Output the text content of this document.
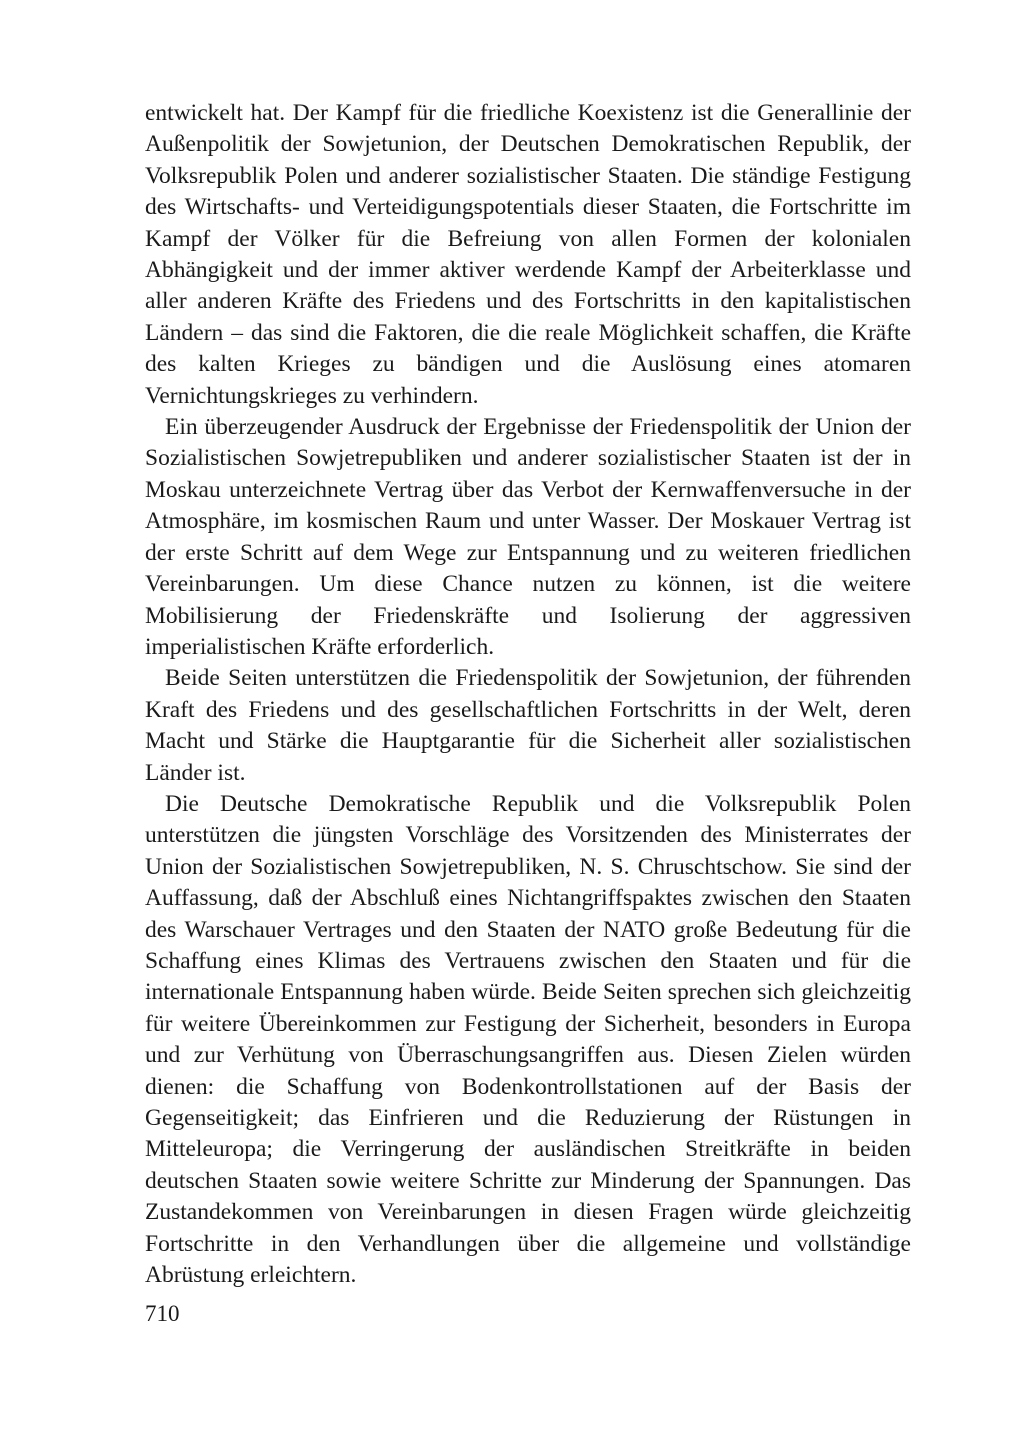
entwickelt hat. Der Kampf für die friedliche Koexistenz ist die Generallinie der Außenpolitik der Sowjetunion, der Deutschen Demokratischen Republik, der Volksrepublik Polen und anderer sozialistischer Staaten. Die ständige Festigung des Wirtschafts- und Verteidigungspotentials dieser Staaten, die Fortschritte im Kampf der Völker für die Befreiung von allen Formen der kolonialen Abhängigkeit und der immer aktiver werdende Kampf der Arbeiterklasse und aller anderen Kräfte des Friedens und des Fortschritts in den kapitalistischen Ländern – das sind die Faktoren, die die reale Möglichkeit schaffen, die Kräfte des kalten Krieges zu bändigen und die Auslösung eines atomaren Vernichtungskrieges zu verhindern.

Ein überzeugender Ausdruck der Ergebnisse der Friedenspolitik der Union der Sozialistischen Sowjetrepubliken und anderer sozialistischer Staaten ist der in Moskau unterzeichnete Vertrag über das Verbot der Kernwaffenversuche in der Atmosphäre, im kosmischen Raum und unter Wasser. Der Moskauer Vertrag ist der erste Schritt auf dem Wege zur Entspannung und zu weiteren friedlichen Vereinbarungen. Um diese Chance nutzen zu können, ist die weitere Mobilisierung der Friedenskräfte und Isolierung der aggressiven imperialistischen Kräfte erforderlich.

Beide Seiten unterstützen die Friedenspolitik der Sowjetunion, der führenden Kraft des Friedens und des gesellschaftlichen Fortschritts in der Welt, deren Macht und Stärke die Hauptgarantie für die Sicherheit aller sozialistischen Länder ist.

Die Deutsche Demokratische Republik und die Volksrepublik Polen unterstützen die jüngsten Vorschläge des Vorsitzenden des Ministerrates der Union der Sozialistischen Sowjetrepubliken, N. S. Chruschtschow. Sie sind der Auffassung, daß der Abschluß eines Nichtangriffspaktes zwischen den Staaten des Warschauer Vertrages und den Staaten der NATO große Bedeutung für die Schaffung eines Klimas des Vertrauens zwischen den Staaten und für die internationale Entspannung haben würde. Beide Seiten sprechen sich gleichzeitig für weitere Übereinkommen zur Festigung der Sicherheit, besonders in Europa und zur Verhütung von Überraschungsangriffen aus. Diesen Zielen würden dienen: die Schaffung von Bodenkontrollstationen auf der Basis der Gegenseitigkeit; das Einfrieren und die Reduzierung der Rüstungen in Mitteleuropa; die Verringerung der ausländischen Streitkräfte in beiden deutschen Staaten sowie weitere Schritte zur Minderung der Spannungen. Das Zustandekommen von Vereinbarungen in diesen Fragen würde gleichzeitig Fortschritte in den Verhandlungen über die allgemeine und vollständige Abrüstung erleichtern.

710
